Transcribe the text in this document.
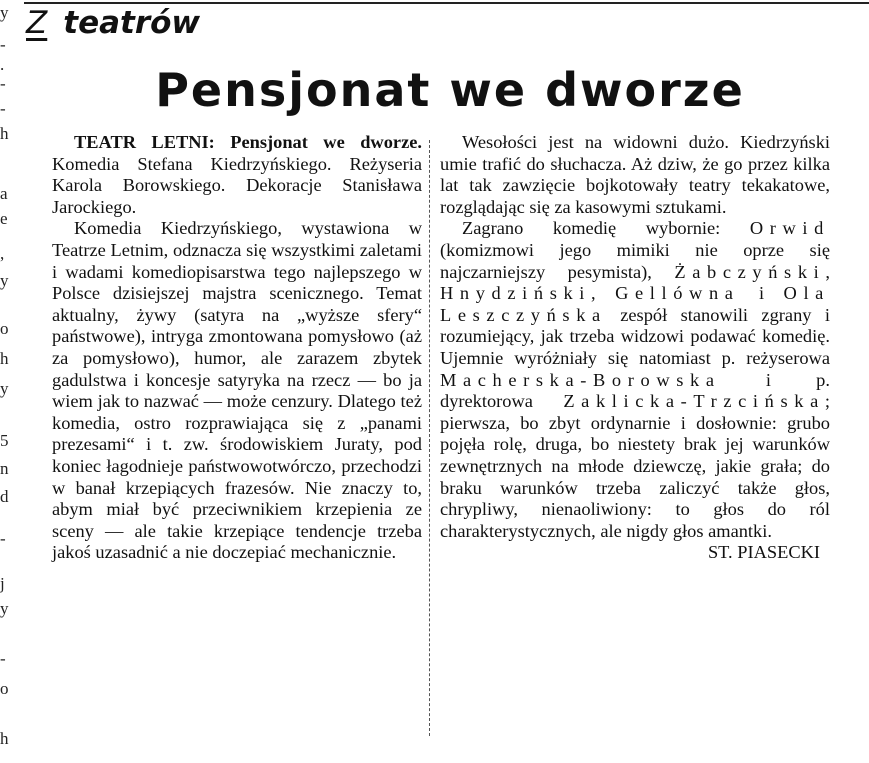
y
-
.
-
-
h
a
e
,
y
o
h
y
5
n
d
-
j
y
-
o
h
Z teatrów
Pensjonat we dworze

TEATR LETNI: Pensjonat we dworze. Komedia Stefana Kiedrzyńskiego. Reżyseria Karola Borowskiego. Dekoracje Stanisława Jarockiego.

Komedia Kiedrzyńskiego, wystawiona w Teatrze Letnim, odznacza się wszystkimi zaletami i wadami komediopisarstwa tego najlepszego w Polsce dzisiejszej majstra scenicznego. Temat aktualny, żywy (satyra na „wyższe sfery“ państwowe), intryga zmontowana pomysłowo (aż za pomysłowo), humor, ale zarazem zbytek gadulstwa i koncesje satyryka na rzecz — bo ja wiem jak to nazwać — może cenzury. Dlatego też komedia, ostro rozprawiająca się z „panami prezesami“ i t. zw. środowiskiem Juraty, pod koniec łagodnieje państwowotwórczo, przechodzi w banał krzepiących frazesów. Nie znaczy to, abym miał być przeciwnikiem krzepienia ze sceny — ale takie krzepiące tendencje trzeba jakoś uzasadnić a nie doczepiać mechanicznie.

Wesołości jest na widowni dużo. Kiedrzyński umie trafić do słuchacza. Aż dziw, że go przez kilka lat tak zawzięcie bojkotowały teatry tekakatowe, rozglądając się za kasowymi sztukami.

Zagrano komedię wybornie: Orwid (komizmowi jego mimiki nie oprze się najczarniejszy pesymista), Żabczyński, Hnydziński, Gellówna i Ola Leszczyńska zespół stanowili zgrany i rozumiejący, jak trzeba widzowi podawać komedię. Ujemnie wyróżniały się natomiast p. reżyserowa Macherska-Borowska i p. dyrektorowa Zaklicka-Trzcińska; pierwsza, bo zbyt ordynarnie i dosłownie: grubo pojęła rolę, druga, bo niestety brak jej warunków zewnętrznych na młode dziewczę, jakie grała; do braku warunków trzeba zaliczyć także głos, chrypliwy, nienaoliwiony: to głos do ról charakterystycznych, ale nigdy głos amantki.
ST. PIASECKI
